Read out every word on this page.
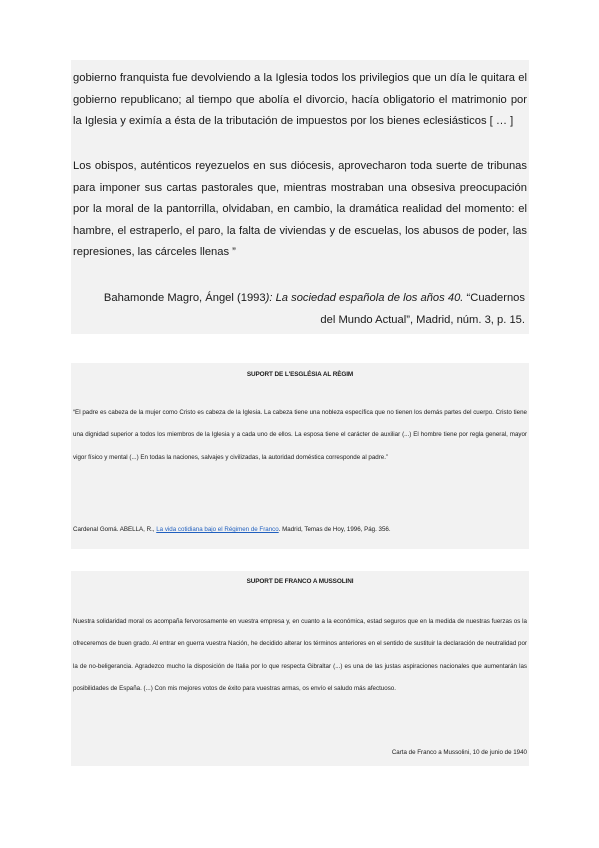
gobierno franquista fue devolviendo a la Iglesia todos los privilegios que un día le quitara el gobierno republicano; al tiempo que abolía el divorcio, hacía obligatorio el matrimonio por la Iglesia y eximía a ésta de la tributación de impuestos por los bienes eclesiásticos [ … ]

Los obispos, auténticos reyezuelos en sus diócesis, aprovecharon toda suerte de tribunas para imponer sus cartas pastorales que, mientras mostraban una obsesiva preocupación por la moral de la pantorrilla, olvidaban, en cambio, la dramática realidad del momento: el hambre, el estraperlo, el paro, la falta de viviendas y de escuelas, los abusos de poder, las represiones, las cárceles llenas ”

Bahamonde Magro, Ángel (1993): La sociedad española de los años 40. “Cuadernos del Mundo Actual”, Madrid, núm. 3, p. 15.
SUPORT DE L'ESGLÉSIA AL RÈGIM

“El padre es cabeza de la mujer como Cristo es cabeza de la Iglesia. La cabeza tiene una nobleza específica que no tienen los demás partes del cuerpo. Cristo tiene una dignidad superior a todos los miembros de la Iglesia y a cada uno de ellos. La esposa tiene el carácter de auxiliar (...) El hombre tiene por regla general, mayor vigor físico y mental (...) En todas la naciones, salvajes y civilizadas, la autoridad doméstica corresponde al padre.”

Cardenal Gomá. ABELLA, R., La vida cotidiana bajo el Régimen de Franco. Madrid, Temas de Hoy, 1996, Pág. 356.

SUPORT DE FRANCO A MUSSOLINI

Nuestra solidaridad moral os acompaña fervorosamente en vuestra empresa y, en cuanto a la económica, estad seguros que en la medida de nuestras fuerzas os la ofreceremos de buen grado. Al entrar en guerra vuestra Nación, he decidido alterar los términos anteriores en el sentido de sustituir la declaración de neutralidad por la de no-beligerancia. Agradezco mucho la disposición de Italia por lo que respecta Gibraltar (...) es una de las justas aspiraciones nacionales que aumentarán las posibilidades de España. (...) Con mis mejores votos de éxito para vuestras armas, os envío el saludo más afectuoso.

Carta de Franco a Mussolini, 10 de junio de 1940
